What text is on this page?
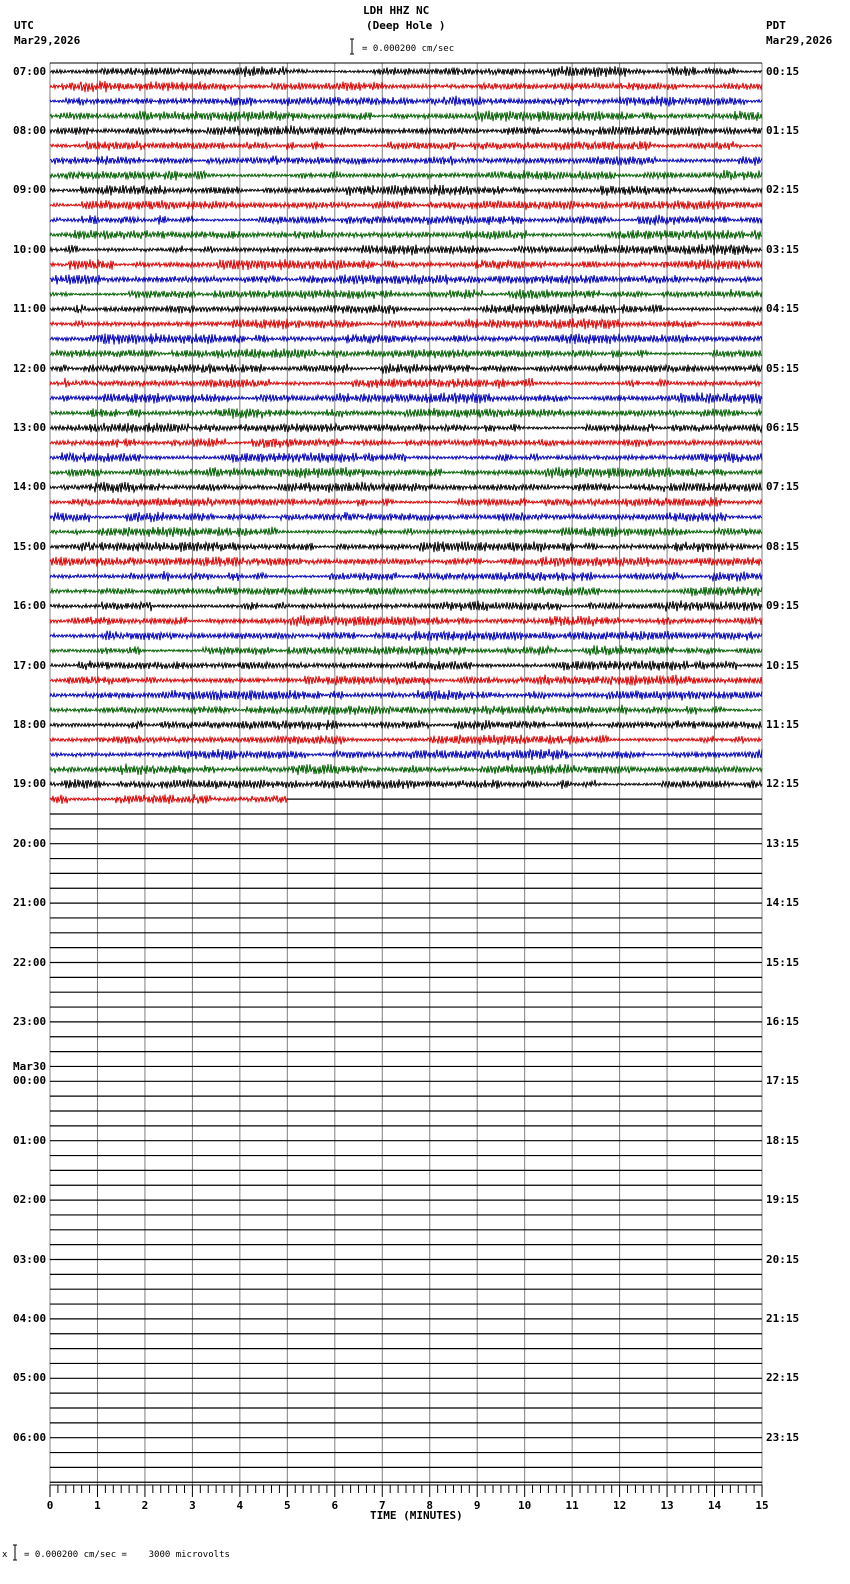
LDH HHZ NC
(Deep Hole )
UTC
Mar29,2026
PDT
Mar29,2026
= 0.000200 cm/sec
0	1	2	3	4	5	6	7	8	9	10	11	12	13	14	15
07:00
08:00
09:00
10:00
11:00
12:00
13:00
14:00
15:00
16:00
17:00
18:00
19:00
20:00
21:00
22:00
23:00
00:00
Mar30
01:00
02:00
03:00
04:00
05:00
06:00
00:15
01:15
02:15
03:15
04:15
05:15
06:15
07:15
08:15
09:15
10:15
11:15
12:15
13:15
14:15
15:15
16:15
17:15
18:15
19:15
20:15
21:15
22:15
23:15
TIME (MINUTES)
x = 0.000200 cm/sec =    3000 microvolts
